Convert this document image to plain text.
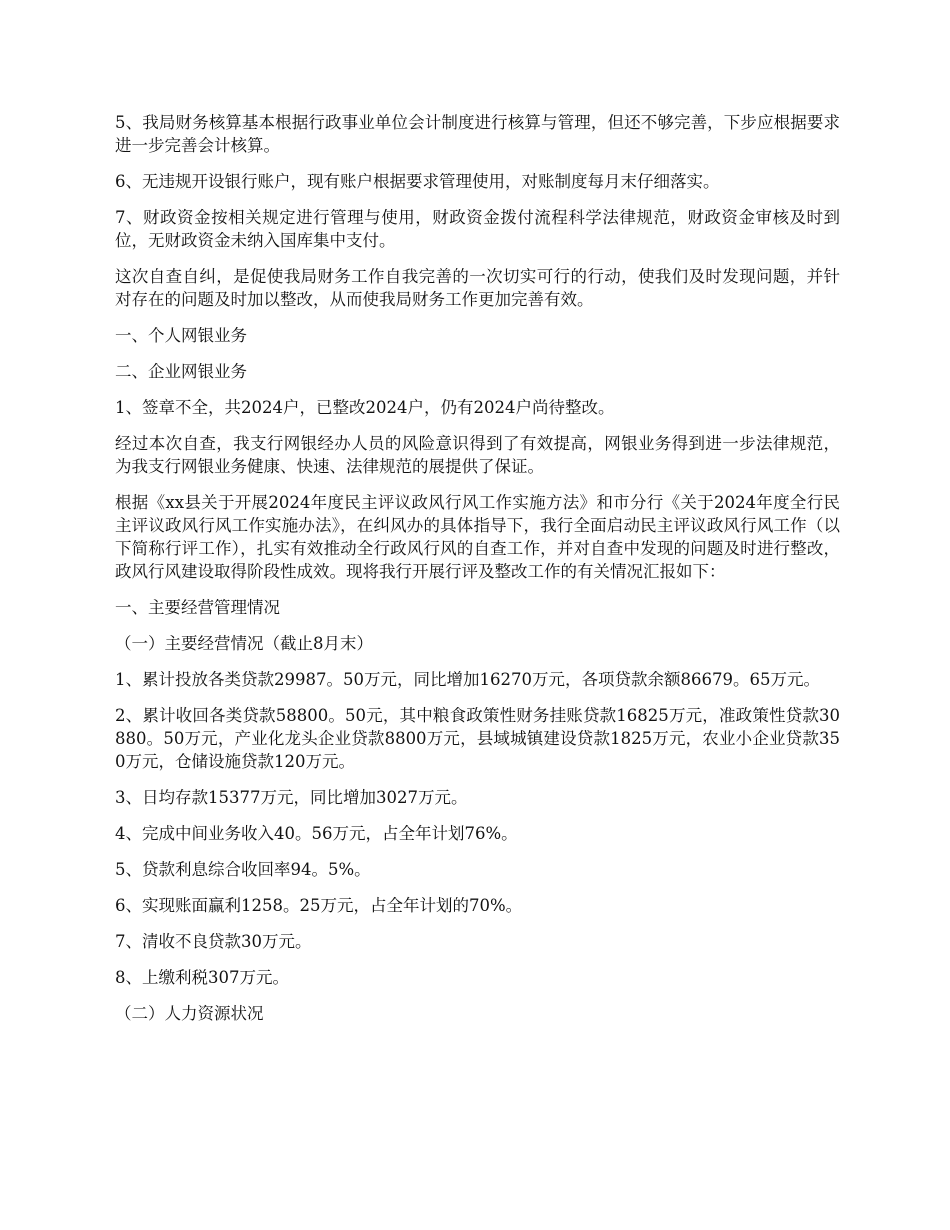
5、我局财务核算基本根据行政事业单位会计制度进行核算与管理，但还不够完善，下步应根据要求进一步完善会计核算。

6、无违规开设银行账户，现有账户根据要求管理使用，对账制度每月末仔细落实。

7、财政资金按相关规定进行管理与使用，财政资金拨付流程科学法律规范，财政资金审核及时到位，无财政资金未纳入国库集中支付。

这次自查自纠，是促使我局财务工作自我完善的一次切实可行的行动，使我们及时发现问题，并针对存在的问题及时加以整改，从而使我局财务工作更加完善有效。

一、个人网银业务

二、企业网银业务

1、签章不全，共2024户，已整改2024户，仍有2024户尚待整改。

经过本次自查，我支行网银经办人员的风险意识得到了有效提高，网银业务得到进一步法律规范，为我支行网银业务健康、快速、法律规范的展提供了保证。

根据《xx县关于开展2024年度民主评议政风行风工作实施方法》和市分行《关于2024年度全行民主评议政风行风工作实施办法》，在纠风办的具体指导下，我行全面启动民主评议政风行风工作（以下简称行评工作），扎实有效推动全行政风行风的自查工作，并对自查中发现的问题及时进行整改，政风行风建设取得阶段性成效。现将我行开展行评及整改工作的有关情况汇报如下：

一、主要经营管理情况

（一）主要经营情况（截止8月末）

1、累计投放各类贷款29987。50万元，同比增加16270万元，各项贷款余额86679。65万元。

2、累计收回各类贷款58800。50元，其中粮食政策性财务挂账贷款16825万元，准政策性贷款30880。50万元，产业化龙头企业贷款8800万元，县域城镇建设贷款1825万元，农业小企业贷款350万元，仓储设施贷款120万元。

3、日均存款15377万元，同比增加3027万元。

4、完成中间业务收入40。56万元，占全年计划76%。

5、贷款利息综合收回率94。5%。

6、实现账面赢利1258。25万元，占全年计划的70%。

7、清收不良贷款30万元。

8、上缴利税307万元。

（二）人力资源状况
